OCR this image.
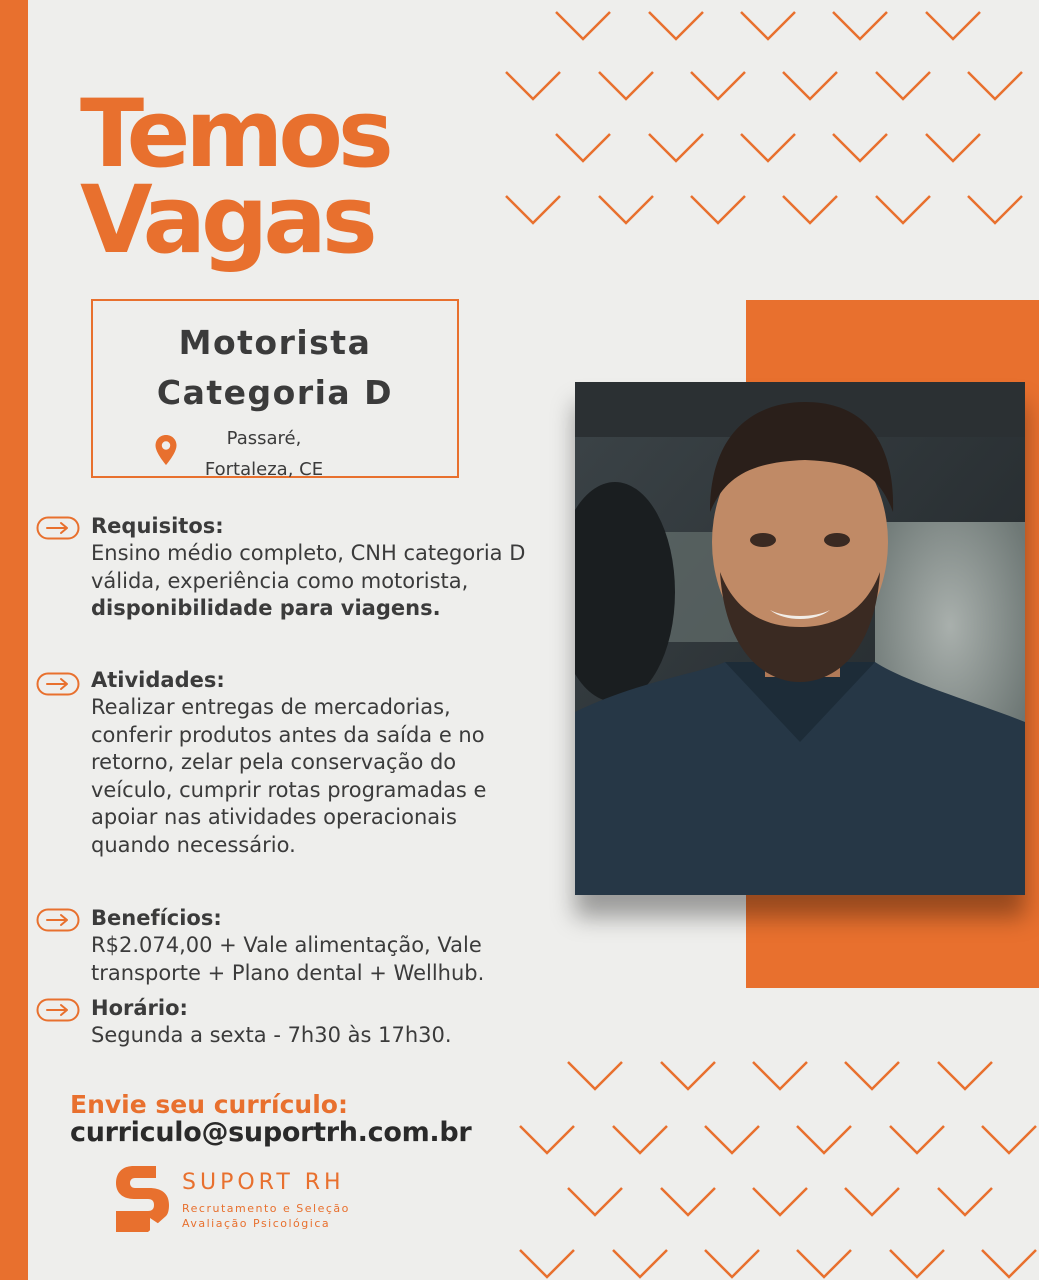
Temos
Vagas

Motorista

Categoria D

Passaré,
Fortaleza, CE

Requisitos:

Ensino médio completo, CNH categoria D válida, experiência como motorista, disponibilidade para viagens.

Atividades:

Realizar entregas de mercadorias, conferir produtos antes da saída e no retorno, zelar pela conservação do veículo, cumprir rotas programadas e apoiar nas atividades operacionais quando necessário.

Benefícios:

R$2.074,00 + Vale alimentação, Vale transporte + Plano dental + Wellhub.

Horário:

Segunda a sexta - 7h30 às 17h30.

Envie seu currículo:

curriculo@suportrh.com.br

SUPORT RH

Recrutamento e Seleção
Avaliação Psicológica
